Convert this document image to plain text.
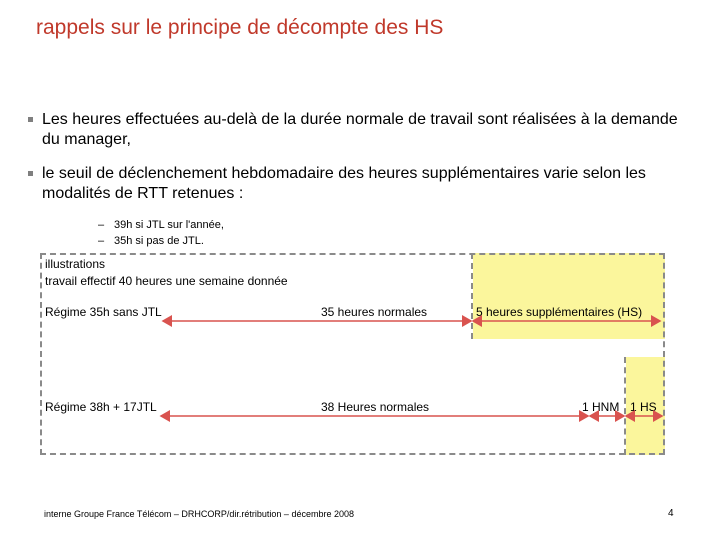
rappels sur le principe de décompte des HS
Les heures effectuées au-delà de la durée normale de travail sont réalisées à la demande du manager,
le seuil de déclenchement hebdomadaire des heures supplémentaires varie selon les modalités de RTT retenues :
– 39h si JTL sur l'année,
– 35h si pas de JTL.
illustrations
travail effectif 40 heures une semaine donnée
Régime 35h sans JTL	35 heures normales	5 heures supplémentaires (HS)
Régime 38h + 17JTL	38 Heures normales	1 HNM 1 HS
interne Groupe France Télécom – DRHCORP/dir.rétribution – décembre 2008	4
